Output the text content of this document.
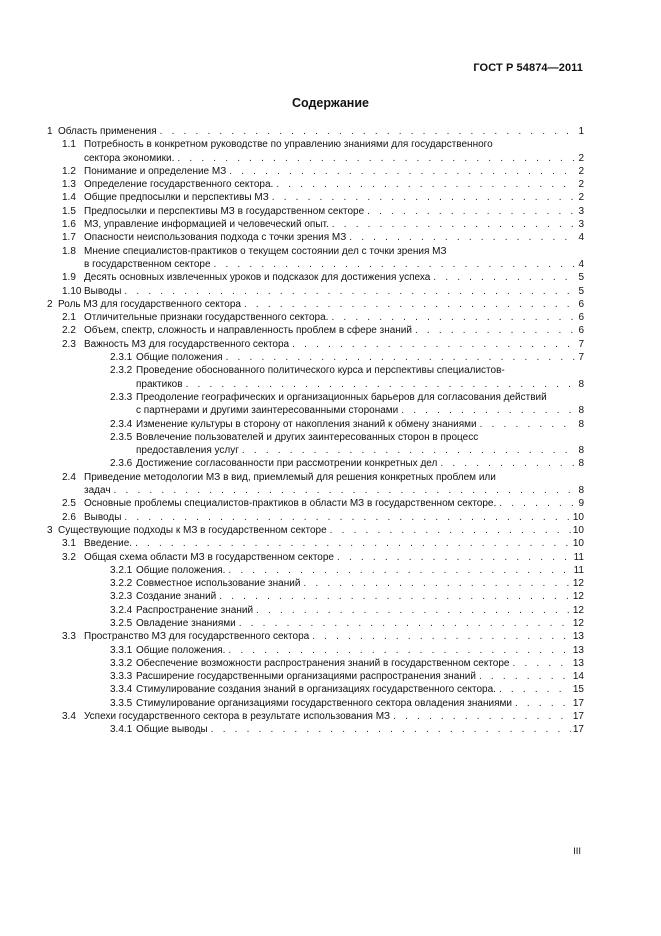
ГОСТ Р 54874—2011
Содержание
1 Область применения . . .	1
1.1 Потребность в конкретном руководстве по управлению знаниями для государственного
сектора экономики. . . .	2
1.2 Понимание и определение МЗ . . .	2
1.3 Определение государственного сектора. . . .	2
1.4 Общие предпосылки и перспективы МЗ . . .	2
1.5 Предпосылки и перспективы МЗ в государственном секторе . . .	3
1.6 МЗ, управление информацией и человеческий опыт. . . .	3
1.7 Опасности неиспользования подхода с точки зрения МЗ . . .	4
1.8 Мнение специалистов-практиков о текущем состоянии дел с точки зрения МЗ
в государственном секторе . . .	4
1.9 Десять основных извлеченных уроков и подсказок для достижения успеха . . .	5
1.10 Выводы . . .	5
2 Роль МЗ для государственного сектора . . .	6
2.1 Отличительные признаки государственного сектора. . . .	6
2.2 Объем, спектр, сложность и направленность проблем в сфере знаний . . .	6
2.3 Важность МЗ для государственного сектора . . .	7
2.3.1 Общие положения . . .	7
2.3.2 Проведение обоснованного политического курса и перспективы специалистов-
практиков . . .	8
2.3.3 Преодоление географических и организационных барьеров для согласования действий
с партнерами и другими заинтересованными сторонами . . .	8
2.3.4 Изменение культуры в сторону от накопления знаний к обмену знаниями . . .	8
2.3.5 Вовлечение пользователей и других заинтересованных сторон в процесс
предоставления услуг . . .	8
2.3.6 Достижение согласованности при рассмотрении конкретных дел . . .	8
2.4 Приведение методологии МЗ в вид, приемлемый для решения конкретных проблем или
задач . . .	8
2.5 Основные проблемы специалистов-практиков в области МЗ в государственном секторе. . . .	9
2.6 Выводы . . .	10
3 Существующие подходы к МЗ в государственном секторе . . .	10
3.1 Введение. . . .	10
3.2 Общая схема области МЗ в государственном секторе . . .	11
3.2.1 Общие положения. . . .	11
3.2.2 Совместное использование знаний . . .	12
3.2.3 Создание знаний . . .	12
3.2.4 Распространение знаний . . .	12
3.2.5 Овладение знаниями . . .	12
3.3 Пространство МЗ для государственного сектора . . .	13
3.3.1 Общие положения. . . .	13
3.3.2 Обеспечение возможности распространения знаний в государственном секторе . . .	13
3.3.3 Расширение государственными организациями распространения знаний . . .	14
3.3.4 Стимулирование создания знаний в организациях государственного сектора. . . .	15
3.3.5 Стимулирование организациями государственного сектора овладения знаниями . . .	17
3.4 Успехи государственного сектора в результате использования МЗ . . .	17
3.4.1 Общие выводы . . .	17
III
